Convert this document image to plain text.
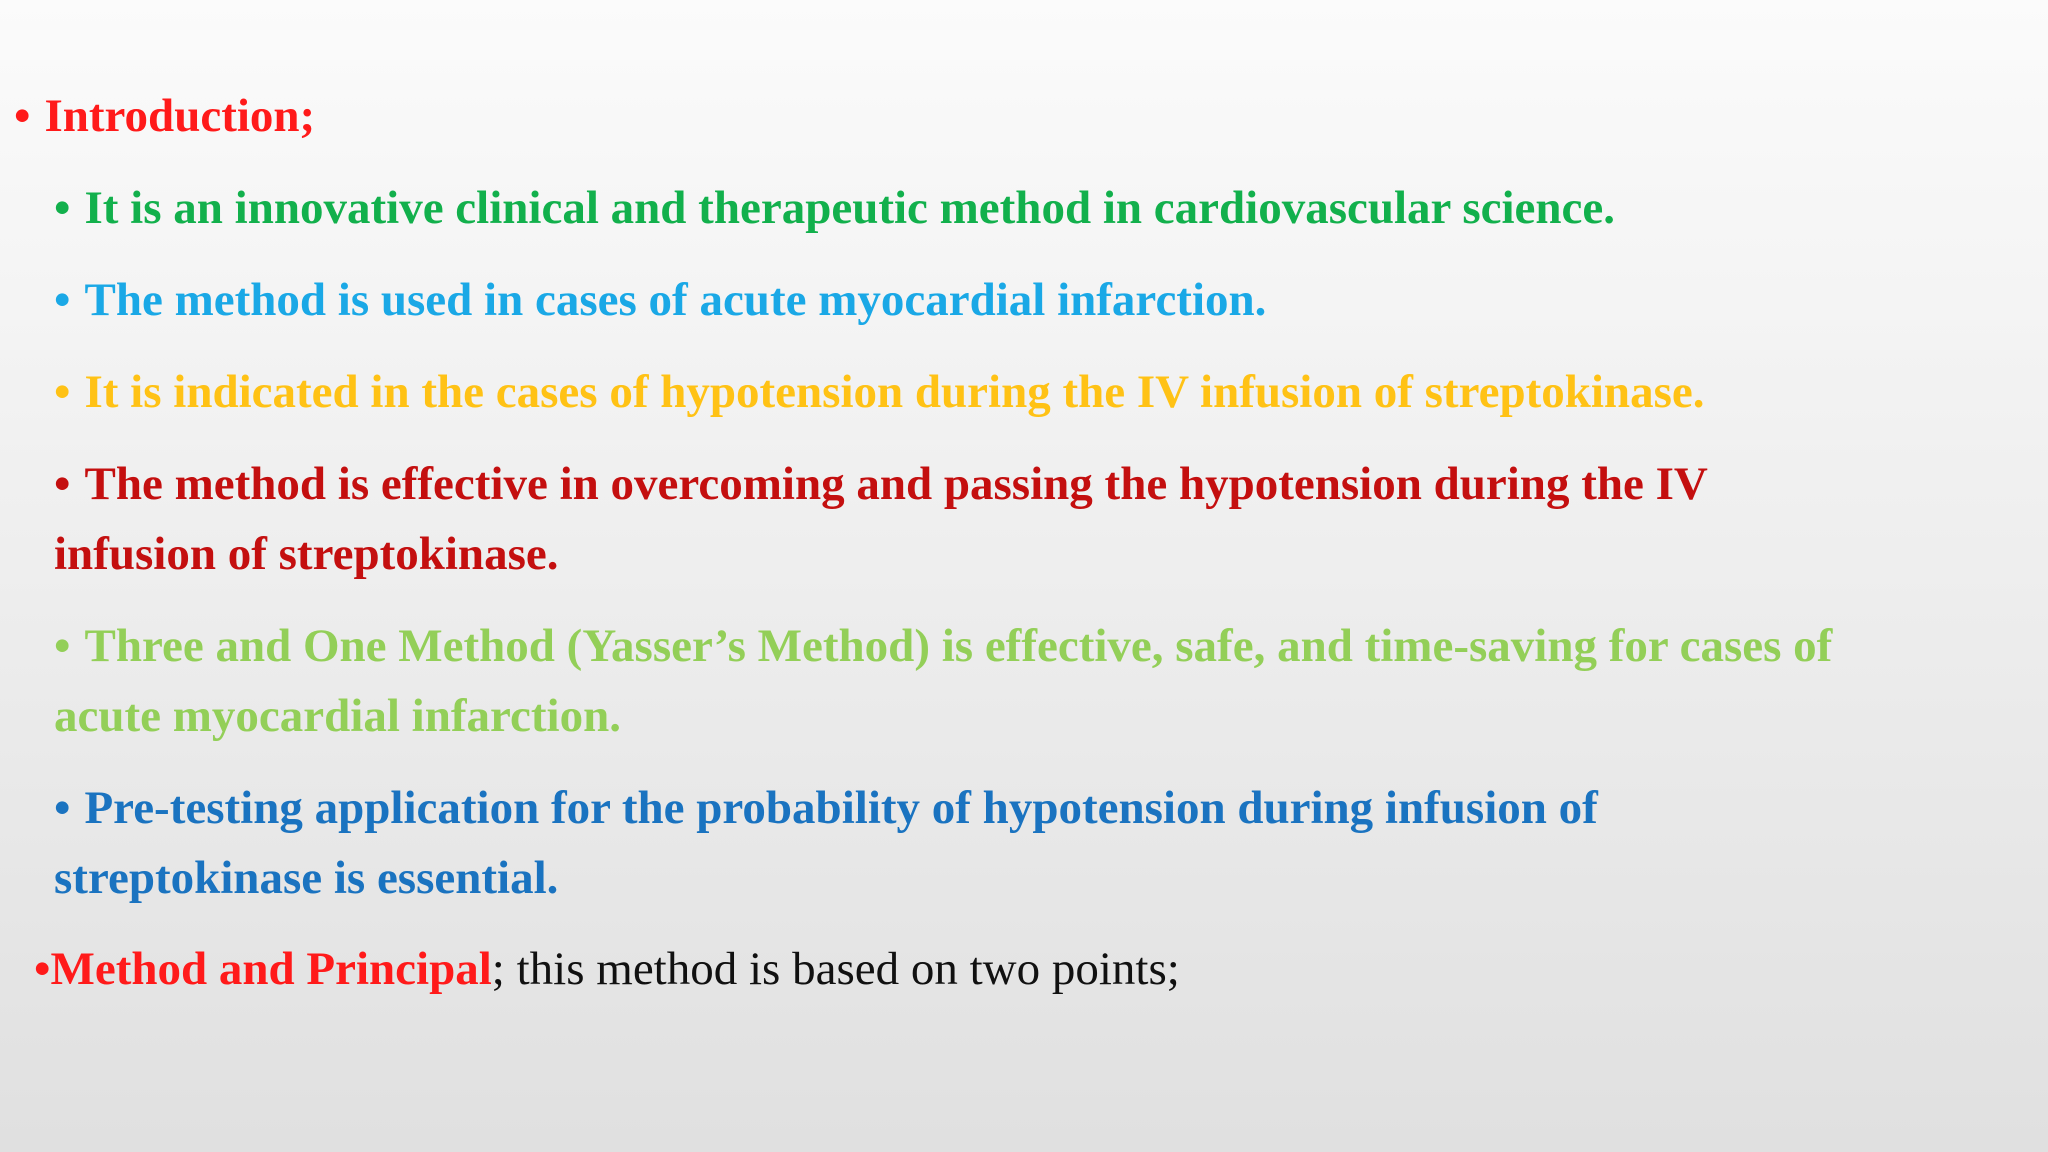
• Introduction;
• It is an innovative clinical and therapeutic method in cardiovascular science.
• The method is used in cases of acute myocardial infarction.
• It is indicated in the cases of hypotension during the IV infusion of streptokinase.
• The method is effective in overcoming and passing the hypotension during the IV
infusion of streptokinase.
• Three and One Method (Yasser’s Method) is effective, safe, and time-saving for cases of
acute myocardial infarction.
• Pre-testing application for the probability of hypotension during infusion of
streptokinase is essential.
•Method and Principal; this method is based on two points;
